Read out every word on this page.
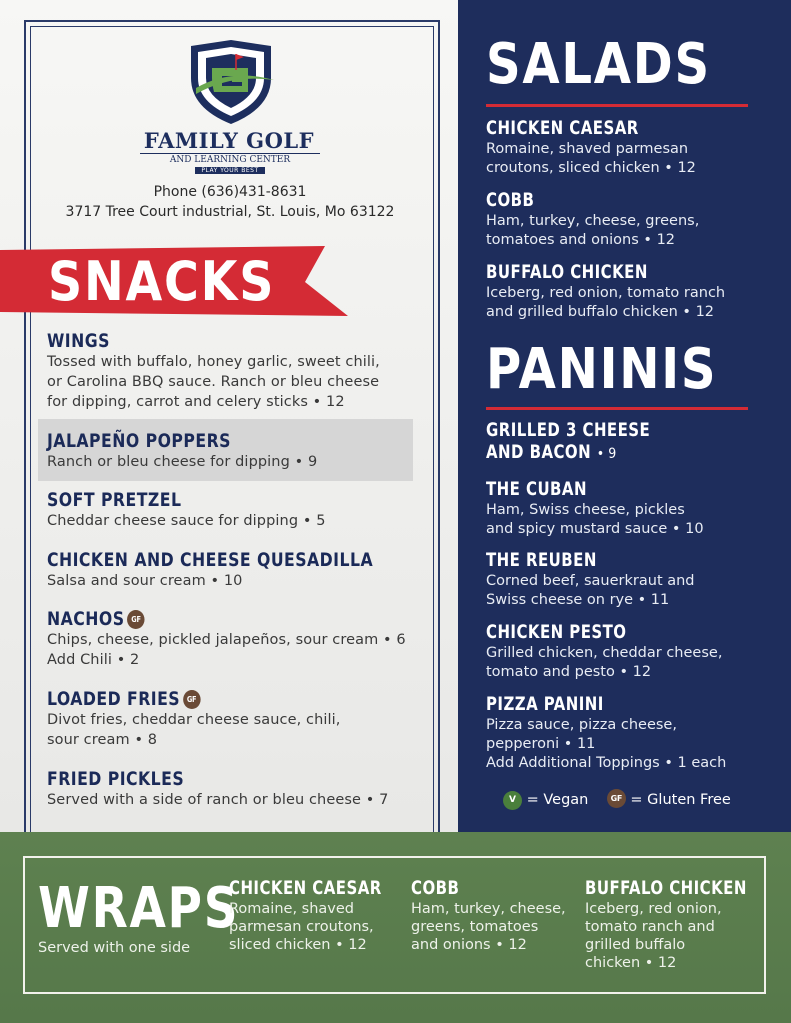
FAMILY GOLF
AND LEARNING CENTER
PLAY YOUR BEST
Phone (636)431-8631
3717 Tree Court industrial, St. Louis, Mo 63122
SNACKS
WINGS
Tossed with buffalo, honey garlic, sweet chili,
or Carolina BBQ sauce. Ranch or bleu cheese
for dipping, carrot and celery sticks • 12
JALAPEÑO POPPERS
Ranch or bleu cheese for dipping • 9
SOFT PRETZEL
Cheddar cheese sauce for dipping • 5
CHICKEN AND CHEESE QUESADILLA
Salsa and sour cream • 10
NACHOS GF
Chips, cheese, pickled jalapeños, sour cream • 6
Add Chili • 2
LOADED FRIES GF
Divot fries, cheddar cheese sauce, chili,
sour cream • 8
FRIED PICKLES
Served with a side of ranch or bleu cheese • 7
SALADS
CHICKEN CAESAR
Romaine, shaved parmesan
croutons, sliced chicken • 12
COBB
Ham, turkey, cheese, greens,
tomatoes and onions • 12
BUFFALO CHICKEN
Iceberg, red onion, tomato ranch
and grilled buffalo chicken • 12
PANINIS
GRILLED 3 CHEESE
AND BACON • 9
THE CUBAN
Ham, Swiss cheese, pickles
and spicy mustard sauce • 10
THE REUBEN
Corned beef, sauerkraut and
Swiss cheese on rye • 11
CHICKEN PESTO
Grilled chicken, cheddar cheese,
tomato and pesto • 12
PIZZA PANINI
Pizza sauce, pizza cheese,
pepperoni • 11
Add Additional Toppings • 1 each
V = Vegan	GF = Gluten Free
WRAPS
Served with one side
CHICKEN CAESAR
Romaine, shaved
parmesan croutons,
sliced chicken • 12
COBB
Ham, turkey, cheese,
greens, tomatoes
and onions • 12
BUFFALO CHICKEN
Iceberg, red onion,
tomato ranch and
grilled buffalo
chicken • 12
